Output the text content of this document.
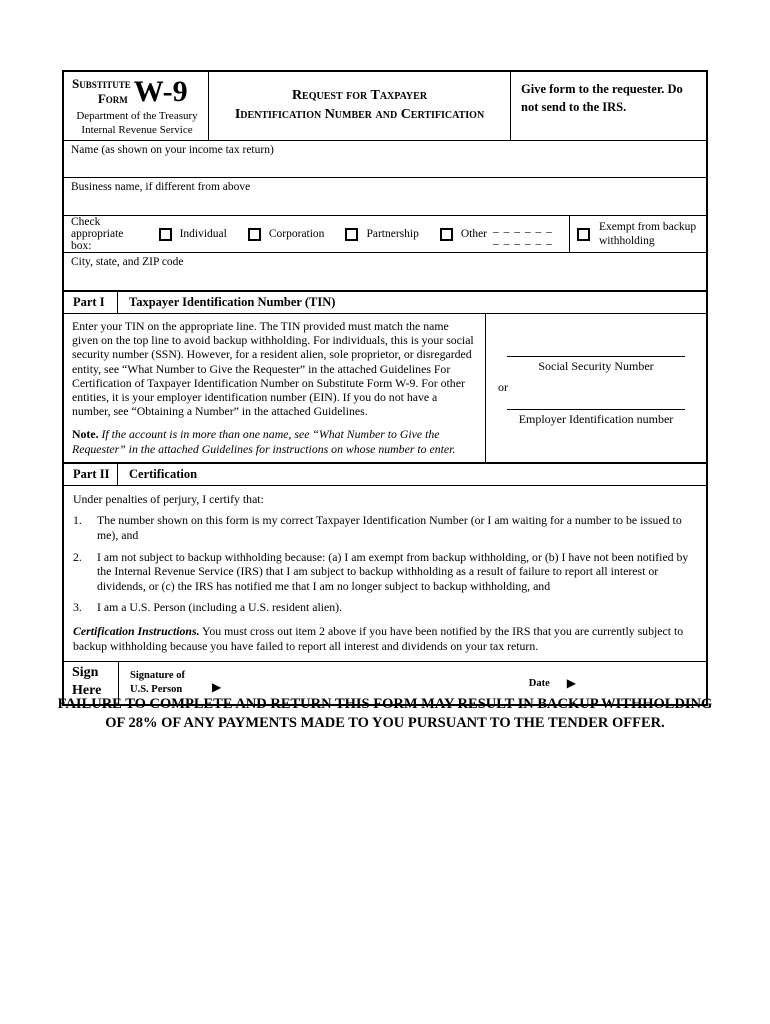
Substitute
Form W-9
Department of the Treasury
Internal Revenue Service
Request for Taxpayer
Identification Number and Certification
Give form to the requester. Do not send to the IRS.
Name (as shown on your income tax return)
Business name, if different from above
Check appropriate box:
Individual	Corporation	Partnership	Other _ _ _ _ _ _ _ _ _ _ _ _
Exempt from backup withholding
City, state, and ZIP code
Part I	Taxpayer Identification Number (TIN)
Enter your TIN on the appropriate line. The TIN provided must match the name given on the top line to avoid backup withholding. For individuals, this is your social security number (SSN). However, for a resident alien, sole proprietor, or disregarded entity, see “What Number to Give the Requester” in the attached Guidelines For Certification of Taxpayer Identification Number on Substitute Form W-9. For other entities, it is your employer identification number (EIN). If you do not have a number, see “Obtaining a Number” in the attached Guidelines.
Note. If the account is in more than one name, see “What Number to Give the Requester” in the attached Guidelines for instructions on whose number to enter.
Social Security Number
or
Employer Identification number
Part II	Certification
Under penalties of perjury, I certify that:
1.	The number shown on this form is my correct Taxpayer Identification Number (or I am waiting for a number to be issued to me), and
2.	I am not subject to backup withholding because: (a) I am exempt from backup withholding, or (b) I have not been notified by the Internal Revenue Service (IRS) that I am subject to backup withholding as a result of failure to report all interest or dividends, or (c) the IRS has notified me that I am no longer subject to backup withholding, and
3.	I am a U.S. Person (including a U.S. resident alien).
Certification Instructions. You must cross out item 2 above if you have been notified by the IRS that you are currently subject to backup withholding because you have failed to report all interest and dividends on your tax return.
Sign
Here
Signature of
U.S. Person ▶	Date ▶
FAILURE TO COMPLETE AND RETURN THIS FORM MAY RESULT IN BACKUP WITHHOLDING
OF 28% OF ANY PAYMENTS MADE TO YOU PURSUANT TO THE TENDER OFFER.
